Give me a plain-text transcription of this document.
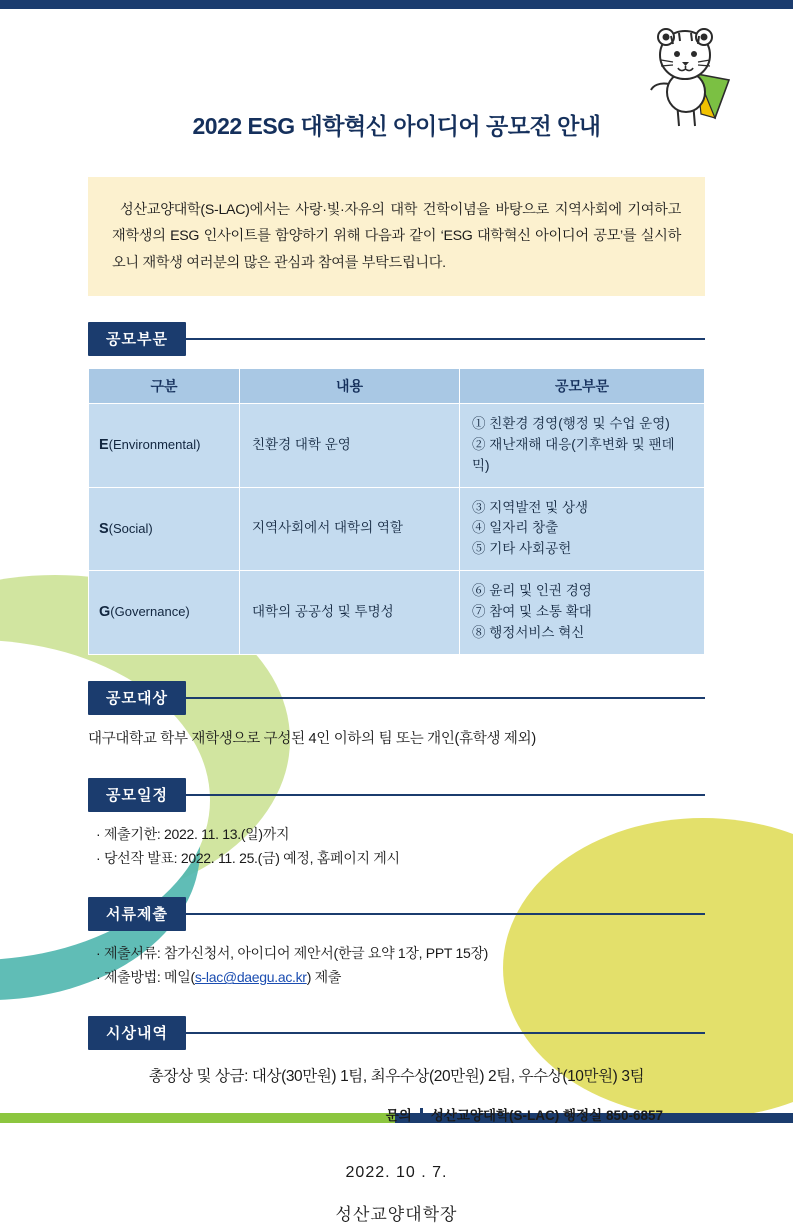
2022 ESG 대학혁신 아이디어 공모전 안내

성산교양대학(S-LAC)에서는 사랑·빛·자유의 대학 건학이념을 바탕으로 지역사회에 기여하고 재학생의 ESG 인사이트를 함양하기 위해 다음과 같이 ‘ESG 대학혁신 아이디어 공모’를 실시하오니 재학생 여러분의 많은 관심과 참여를 부탁드립니다.

공모부문
구분	내용	공모부문
E(Environmental)	친환경 대학 운영	① 친환경 경영(행정 및 수업 운영)
② 재난재해 대응(기후변화 및 팬데믹)

S(Social)	지역사회에서 대학의 역할	③ 지역발전 및 상생
④ 일자리 창출
⑤ 기타 사회공헌

G(Governance)	대학의 공공성 및 투명성	⑥ 윤리 및 인권 경영
⑦ 참여 및 소통 확대
⑧ 행정서비스 혁신
공모대상
대구대학교 학부 재학생으로 구성된 4인 이하의 팀 또는 개인(휴학생 제외)
공모일정
· 제출기한: 2022. 11. 13.(일)까지
· 당선작 발표: 2022. 11. 25.(금) 예정, 홈페이지 게시
서류제출
· 제출서류: 참가신청서, 아이디어 제안서(한글 요약 1장, PPT 15장)
· 제출방법: 메일(s-lac@daegu.ac.kr) 제출
시상내역
총장상 및 상금: 대상(30만원) 1팀, 최우수상(20만원) 2팀, 우수상(10만원) 3팀
문의 성산교양대학(S-LAC) 행정실 850-6857
2022. 10 . 7.
성산교양대학장
